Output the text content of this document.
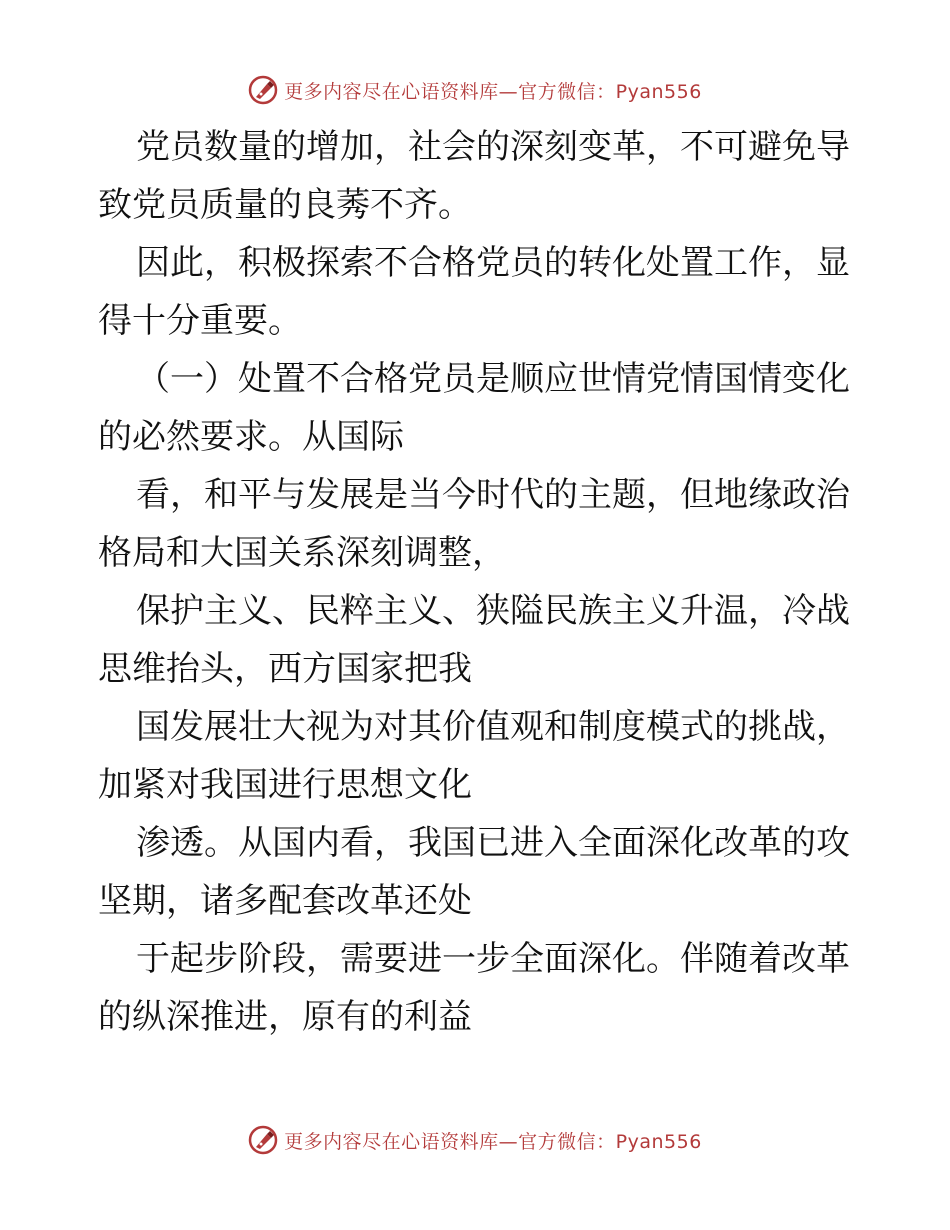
更多内容尽在心语资料库—官方微信：Pyan556

党员数量的增加，社会的深刻变革，不可避免导

致党员质量的良莠不齐。

因此，积极探索不合格党员的转化处置工作，显

得十分重要。

（一）处置不合格党员是顺应世情党情国情变化

的必然要求。从国际

看，和平与发展是当今时代的主题，但地缘政治

格局和大国关系深刻调整，

保护主义、民粹主义、狭隘民族主义升温，冷战

思维抬头，西方国家把我

国发展壮大视为对其价值观和制度模式的挑战，

加紧对我国进行思想文化

渗透。从国内看，我国已进入全面深化改革的攻

坚期，诸多配套改革还处

于起步阶段，需要进一步全面深化。伴随着改革

的纵深推进，原有的利益

更多内容尽在心语资料库—官方微信：Pyan556
